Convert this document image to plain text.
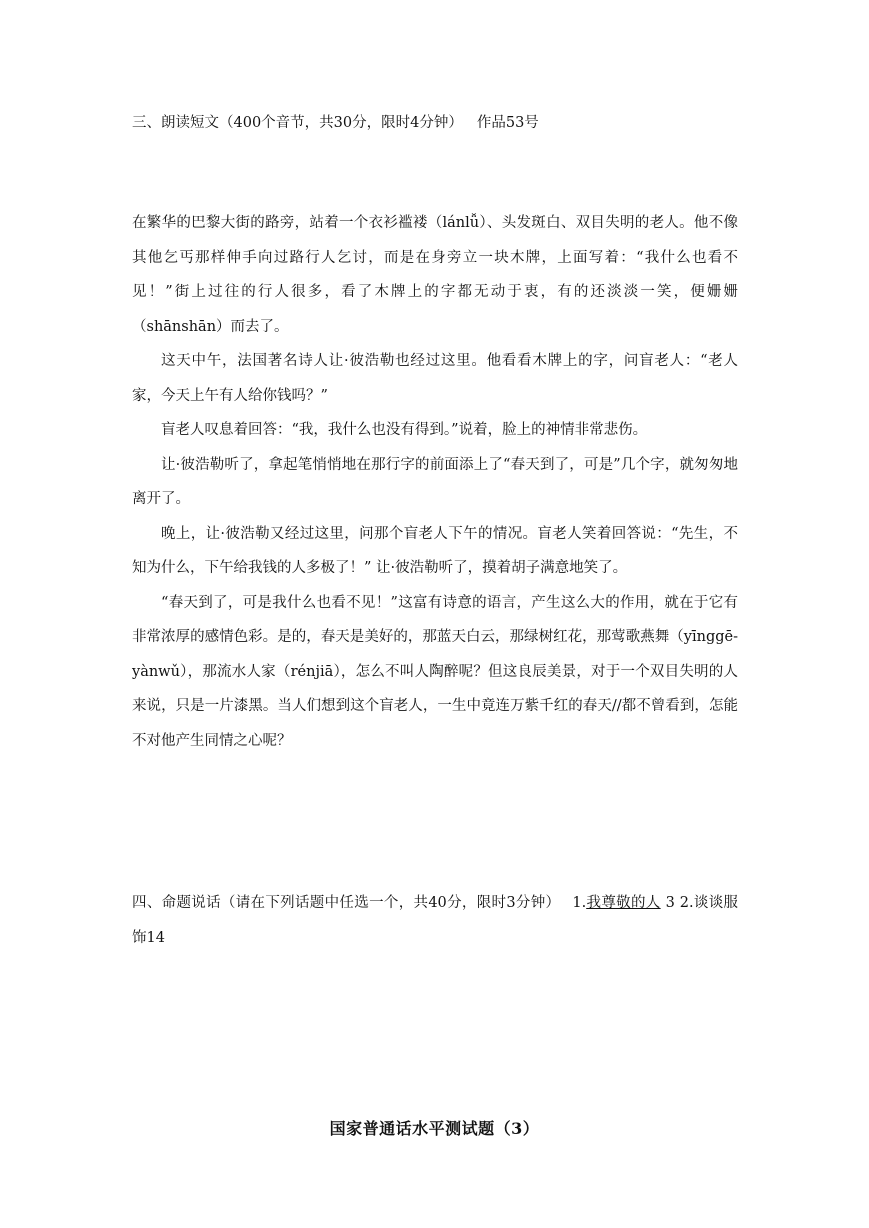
三、朗读短文（400个音节，共30分，限时4分钟） 作品53号

在繁华的巴黎大街的路旁，站着一个衣衫褴褛（lánlǚ）、头发斑白、双目失明的老人。他不像其他乞丐那样伸手向过路行人乞讨，而是在身旁立一块木牌，上面写着：“我什么也看不见！”街上过往的行人很多，看了木牌上的字都无动于衷，有的还淡淡一笑，便姗姗（shānshān）而去了。

这天中午，法国著名诗人让·彼浩勒也经过这里。他看看木牌上的字，问盲老人：“老人家，今天上午有人给你钱吗？”

盲老人叹息着回答：“我，我什么也没有得到。”说着，脸上的神情非常悲伤。

让·彼浩勒听了，拿起笔悄悄地在那行字的前面添上了“春天到了，可是”几个字，就匆匆地离开了。

晚上，让·彼浩勒又经过这里，问那个盲老人下午的情况。盲老人笑着回答说：“先生，不知为什么，下午给我钱的人多极了！” 让·彼浩勒听了，摸着胡子满意地笑了。

“春天到了，可是我什么也看不见！”这富有诗意的语言，产生这么大的作用，就在于它有非常浓厚的感情色彩。是的，春天是美好的，那蓝天白云，那绿树红花，那莺歌燕舞（yīnggē-yànwǔ），那流水人家（rénjiā），怎么不叫人陶醉呢？但这良辰美景，对于一个双目失明的人来说，只是一片漆黑。当人们想到这个盲老人，一生中竟连万紫千红的春天//都不曾看到，怎能不对他产生同情之心呢？

四、命题说话（请在下列话题中任选一个，共40分，限时3分钟） 1.我尊敬的人 3 2.谈谈服饰14
国家普通话水平测试题（3）
